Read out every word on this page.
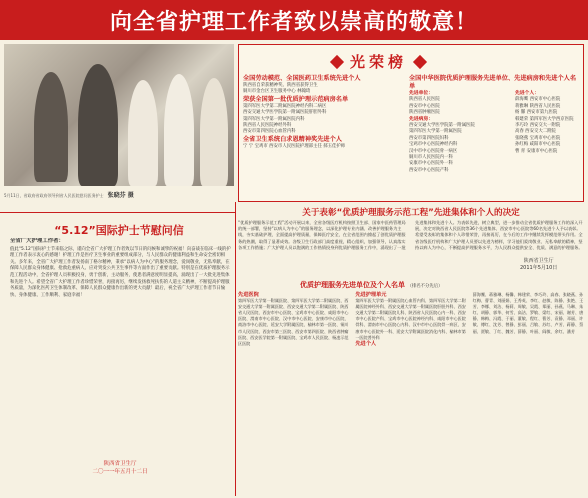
向全省护理工作者致以崇高的敬意！
5月11日，省政府省政府领导到省人民医院慰问医务护士 张晓芬 摄
光荣榜
全国劳动模范、全国医药卫生系统先进个人
陕西省自荣获精神奖、陕西省获得卫生
铜川市金台区卫生服务中心 林翰琦
荣获全国第一批优质护理示范病房名单
第四军医大学第二附属医院神经内科二病区
西安交通大学医学院第一附属医院肝胆外科
第四军医大学第一附属医院内科
陕西省人民医院神经外科
西安市第四医院心血管内科
全省卫生系统白求恩精神奖先进个人
宁 宁 宝鸡市 西安市人民医院护理部主任 郝玉佳护师
全国中华医院优质护理服务先进单位、先进病房和先进个人名单
先进单位：
陕西省人民医院
西安市中心医院
陕西省肿瘤医院
先进病房：
西安交通大学医学院第一附属医院
第四军医大学第一附属医院
西安市第四医院妇科
宝鸡市中心医院神经内科
汉中市中心医院骨一病区
铜川市人民医院内一科
安康市中心医院外一科
西安市中心医院产科
先进个人：
薛海鹰 西安市中心医院
蒋雅琳 陕西省人民医院
杨 馨 西安市第九医院
韩建荣 第四军医大学西京医院
李巧玲 西安交大一附院
高春 西安交大二附院
张晓燕 宝鸡市中心医院
孙红梅 咸阳市中心医院
曹 青 安康市中心医院
关于表彰“优质护理服务示范工程”先进集体和个人的决定
“优质护理服务示范工程”活动开展以来，全省各级医疗机构按照卫生部、国家中医药管理局的统一部署，坚持“以病人为中心”的服务理念，以深化护理专业内涵、改善护理服务为主线，夯实基础护理，全面提高护理质量，保障医疗安全，在全省范围内掀起了创优质护理服务的热潮，取得了显著成效。各级卫生行政部门高度重视，精心组织，加强领导，认真落实各项工作措施；广大护理人员以饱满的工作热情投身到优质护理服务工作中，涌现出了一批先进集体和先进个人。为表彰先进，树立典型，进一步推动全省优质护理服务工作的深入开展，决定对陕西省人民医院等36个先进集体、西安市中心医院等60名先进个人予以表彰。希望受表彰的集体和个人珍惜荣誉，再接再厉，在今后的工作中继续发挥模范带头作用。全省各级医疗机构和广大护理人员要以先进为榜样，学习他们爱岗敬业、无私奉献的精神，坚持以病人为中心，不断提高护理服务水平，为人民群众提供安全、优质、满意的护理服务。
陕西省卫生厅
2011年5月10日
优质护理服务先进单位及个人名单 （排名不分先后）
先进医院
第四军医大学第一附属医院、第四军医大学第二附属医院、西安交通大学第一附属医院、西安交通大学第二附属医院、陕西省人民医院、西安市中心医院、宝鸡市中心医院、咸阳市中心医院、渭南市中心医院、汉中市中心医院、安康市中心医院、商洛市中心医院、延安大学附属医院、榆林市第一医院、铜川市人民医院、西安市第三医院、西安市第四医院、陕西省肿瘤医院、西安医学院第一附属医院、宝鸡市人民医院、杨凌示范区医院
先进护理单元
第四军医大学第一附属医院心血管内科、第四军医大学第二附属医院神经外科、西安交通大学第一附属医院肝胆外科、西安交通大学第二附属医院儿科、陕西省人民医院心内一科、西安市中心医院产科、宝鸡市中心医院神经内科、咸阳市中心医院骨科、渭南市中心医院心内科、汉中市中心医院骨一病区、安康市中心医院外一科、延安大学附属医院消化内科、榆林市第一医院普外科
先进个人
薛海鹰、蒋雅琳、杨馨、韩建荣、李巧玲、高春、张晓燕、孙红梅、曹青、刘丽娟、王秀英、李红、赵敏、陈静、张艳、王芳、李娜、刘洁、杨莉、周敏、吴霞、郑丽、孙燕、马琳、朱红、胡静、郭华、何雪、高洁、罗敏、梁红、宋丽、谢芳、唐静、韩梅、冯霞、于丽、董敏、程红、曹芳、袁静、邓丽、许敏、傅红、沈芳、曾静、彭丽、吕敏、苏红、卢芳、蒋静、蔡丽、贾敏、丁红、魏芳、薛静、叶丽、阎敏、余红、潘芳
“5.12”国际护士节慰问信
全省广大护理工作者：
值此“5.12”国际护士节来临之际，谨向全省广大护理工作者致以节日的问候和诚挚的祝福！向奋战在临床一线的护理工作者表示衷心的感谢！护理工作是医疗卫生事业的重要组成部分，与人民群众的健康利益和生命安全密切相关。多年来，全省广大护理工作者发扬南丁格尔精神，秉承“以病人为中心”的服务理念，爱岗敬业，无私奉献，在保障人民群众身体健康、抢救危重病人、应对突发公共卫生事件等方面作出了重要贡献。特别是在优质护理服务示范工程活动中，全省护理人员积极投身，勇于创新，主动服务，使患者满意度明显提高，涌现出了一大批先进集体和先进个人。希望全省广大护理工作者珍惜荣誉，再接再厉，继续发扬救死扶伤的人道主义精神，不断提高护理服务质量，为深化医药卫生体制改革、保障人民群众健康作出新的更大贡献！最后，祝全省广大护理工作者节日愉快、身体健康、工作顺利、家庭幸福！
陕西省卫生厅
二〇一一年五月十二日
